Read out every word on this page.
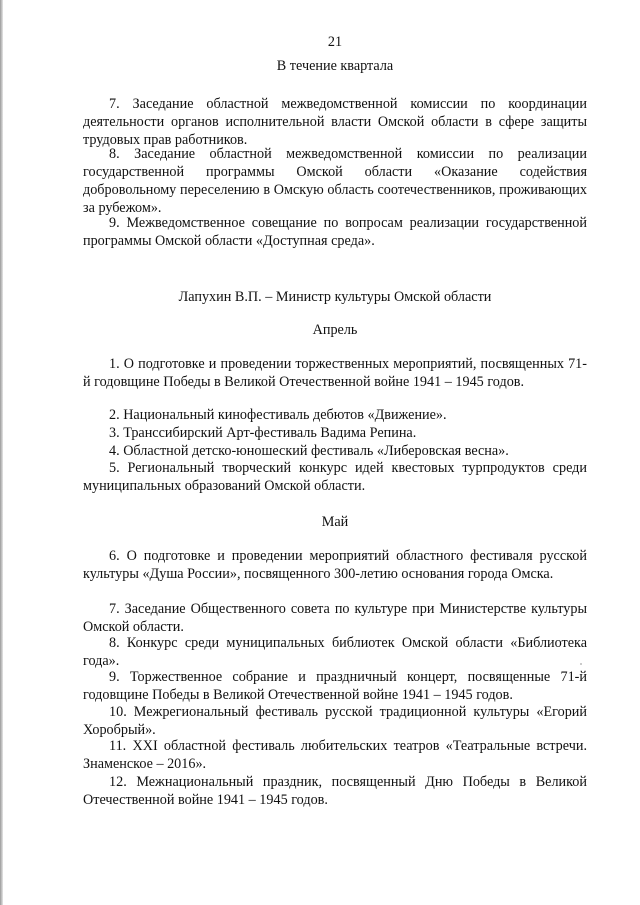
21
В течение квартала
7. Заседание областной межведомственной комиссии по координации деятельности органов исполнительной власти Омской области в сфере защиты трудовых прав работников.
8. Заседание областной межведомственной комиссии по реализации государственной программы Омской области «Оказание содействия добровольному переселению в Омскую область соотечественников, проживающих за рубежом».
9. Межведомственное совещание по вопросам реализации государственной программы Омской области «Доступная среда».
Лапухин В.П. – Министр культуры Омской области
Апрель
1. О подготовке и проведении торжественных мероприятий, посвященных 71-й годовщине Победы в Великой Отечественной войне 1941 – 1945 годов.
2. Национальный кинофестиваль дебютов «Движение».
3. Транссибирский Арт-фестиваль Вадима Репина.
4. Областной детско-юношеский фестиваль «Либеровская весна».
5. Региональный творческий конкурс идей квестовых турпродуктов среди муниципальных образований Омской области.
Май
6. О подготовке и проведении мероприятий областного фестиваля русской культуры «Душа России», посвященного 300-летию основания города Омска.
7. Заседание Общественного совета по культуре при Министерстве культуры Омской области.
8. Конкурс среди муниципальных библиотек Омской области «Библиотека года».
9. Торжественное собрание и праздничный концерт, посвященные 71-й годовщине Победы в Великой Отечественной войне 1941 – 1945 годов.
10. Межрегиональный фестиваль русской традиционной культуры «Егорий Хоробрый».
11. XXI областной фестиваль любительских театров «Театральные встречи. Знаменское – 2016».
12. Межнациональный праздник, посвященный Дню Победы в Великой Отечественной войне 1941 – 1945 годов.
